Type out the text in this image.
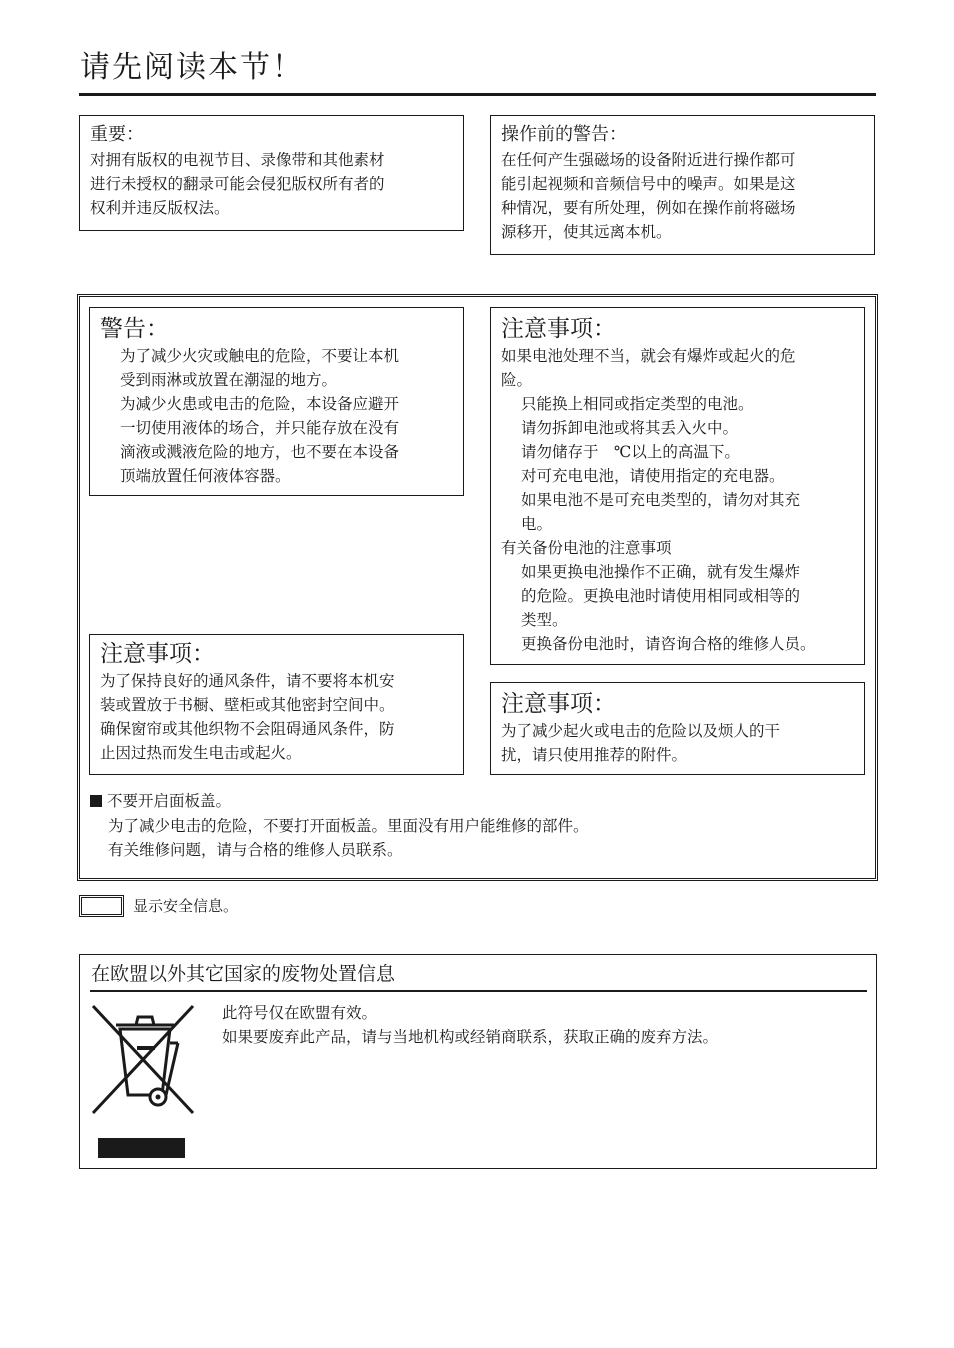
请先阅读本节！
重要：

对拥有版权的电视节目、录像带和其他素材

进行未授权的翻录可能会侵犯版权所有者的

权利并违反版权法。

操作前的警告：

在任何产生强磁场的设备附近进行操作都可

能引起视频和音频信号中的噪声。如果是这

种情况，要有所处理，例如在操作前将磁场

源移开，使其远离本机。

警告：

为了减少火灾或触电的危险，不要让本机

受到雨淋或放置在潮湿的地方。

为减少火患或电击的危险，本设备应避开

一切使用液体的场合，并只能存放在没有

滴液或溅液危险的地方，也不要在本设备

顶端放置任何液体容器。

注意事项：

如果电池处理不当，就会有爆炸或起火的危

险。

只能换上相同或指定类型的电池。

请勿拆卸电池或将其丢入火中。

请勿储存于　℃以上的高温下。

对可充电电池，请使用指定的充电器。

如果电池不是可充电类型的，请勿对其充

电。

有关备份电池的注意事项

如果更换电池操作不正确，就有发生爆炸

的危险。更换电池时请使用相同或相等的

类型。

更换备份电池时，请咨询合格的维修人员。

注意事项：

为了保持良好的通风条件，请不要将本机安

装或置放于书橱、壁柜或其他密封空间中。

确保窗帘或其他织物不会阻碍通风条件，防

止因过热而发生电击或起火。

注意事项：

为了减少起火或电击的危险以及烦人的干

扰，请只使用推荐的附件。

不要开启面板盖。

为了减少电击的危险，不要打开面板盖。里面没有用户能维修的部件。

有关维修问题，请与合格的维修人员联系。

显示安全信息。
在欧盟以外其它国家的废物处置信息

此符号仅在欧盟有效。

如果要废弃此产品，请与当地机构或经销商联系，获取正确的废弃方法。
